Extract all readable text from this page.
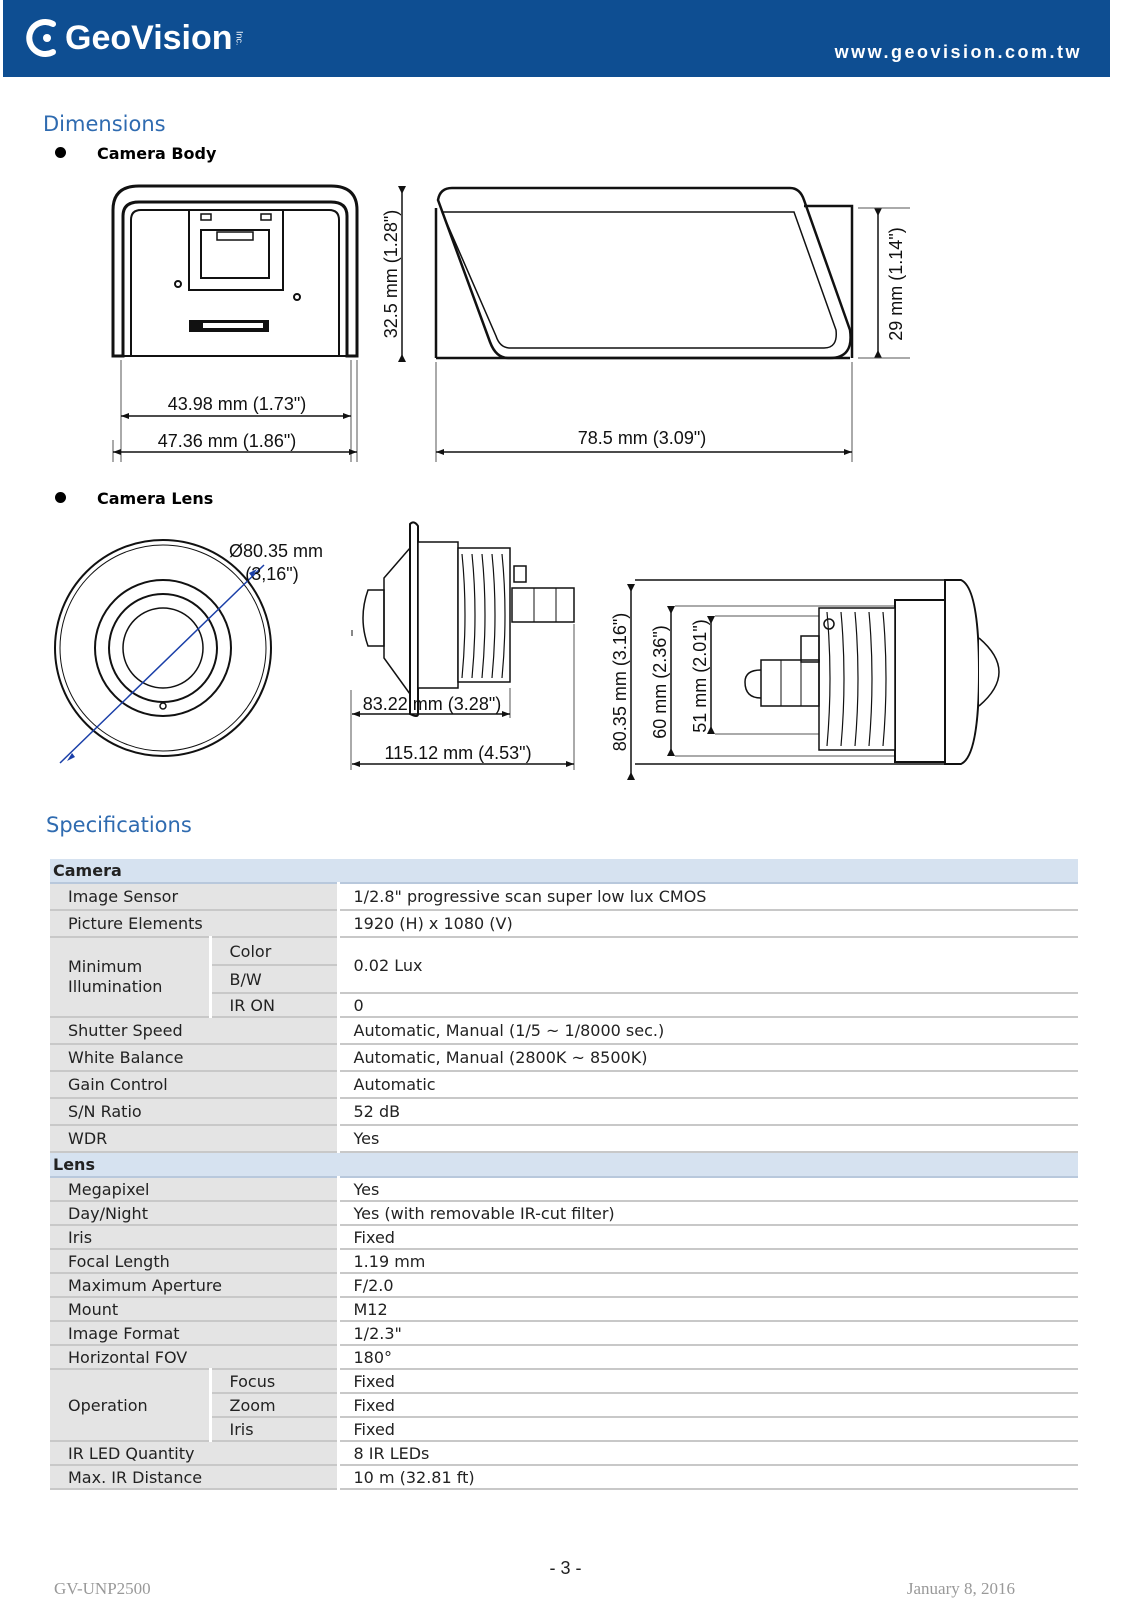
GeoVision Inc.
www.geovision.com.tw
Dimensions
Camera Body
43.98 mm (1.73")
47.36 mm (1.86")
32.5 mm (1.28")	29 mm (1.14")
78.5 mm (3.09")
Camera Lens
Ø80.35 mm
(3,16")
83.22 mm (3.28")
115.12 mm (4.53")
80.35 mm (3.16") 60 mm (2.36") 51 mm (2.01")
Specifications
Camera		
Image Sensor		1/2.8" progressive scan super low lux CMOS
Picture Elements		1920 (H) x 1080 (V)

Minimum
Illumination	Color	0.02 Lux
	B/W	
	IR ON	0
Shutter Speed		Automatic, Manual (1/5 ~ 1/8000 sec.)
White Balance		Automatic, Manual (2800K ~ 8500K)
Gain Control		Automatic
S/N Ratio		52 dB
WDR		Yes
Lens		
Megapixel		Yes
Day/Night		Yes (with removable IR-cut filter)
Iris		Fixed
Focal Length		1.19 mm
Maximum Aperture		F/2.0
Mount		M12
Image Format		1/2.3"
Horizontal FOV		180°
Operation	Focus	Fixed
	Zoom	Fixed
	Iris	Fixed
IR LED Quantity		8 IR LEDs
Max. IR Distance		10 m (32.81 ft)
- 3 -
GV-UNP2500	January 8, 2016
